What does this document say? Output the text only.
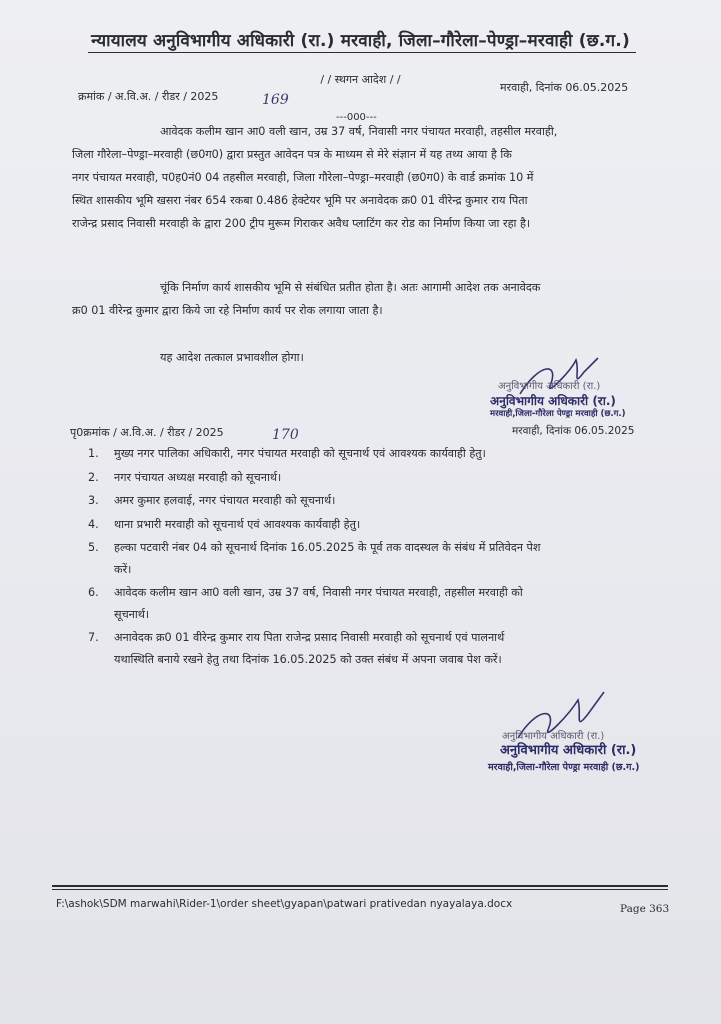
न्यायालय अनुविभागीय अधिकारी (रा.) मरवाही, जिला–गौरेला–पेण्ड्रा–मरवाही (छ.ग.)
/ / स्थगन आदेश / /
क्रमांक / अ.वि.अ. / रीडर / 2025	169
मरवाही, दिनांक 06.05.2025
---000---
आवेदक कलीम खान आ0 वली खान, उम्र 37 वर्ष, निवासी नगर पंचायत मरवाही, तहसील मरवाही,
जिला गौरेला–पेण्ड्रा–मरवाही (छ0ग0) द्वारा प्रस्तुत आवेदन पत्र के माध्यम से मेरे संज्ञान में यह तथ्य आया है कि
नगर पंचायत मरवाही, प0ह0नं0 04 तहसील मरवाही, जिला गौरेला–पेण्ड्रा–मरवाही (छ0ग0) के वार्ड क्रमांक 10 में
स्थित शासकीय भूमि खसरा नंबर 654 रकबा 0.486 हेक्टेयर भूमि पर अनावेदक क्र0 01 वीरेन्द्र कुमार राय पिता
राजेन्द्र प्रसाद निवासी मरवाही के द्वारा 200 ट्रीप मुरूम गिराकर अवैध प्लाटिंग कर रोड का निर्माण किया जा रहा है।
चूंकि निर्माण कार्य शासकीय भूमि से संबंधित प्रतीत होता है। अतः आगामी आदेश तक अनावेदक
क्र0 01 वीरेन्द्र कुमार द्वारा किये जा रहे निर्माण कार्य पर रोक लगाया जाता है।
यह आदेश तत्काल प्रभावशील होगा।
अनुविभागीय अधिकारी (रा.)
अनुविभागीय अधिकारी (रा.)
मरवाही,जिला-गौरेला पेण्ड्रा मरवाही (छ.ग.)
मरवाही, दिनांक 06.05.2025
पृ0क्रमांक / अ.वि.अ. / रीडर / 2025	170
1.	मुख्य नगर पालिका अधिकारी, नगर पंचायत मरवाही को सूचनार्थ एवं आवश्यक कार्यवाही हेतु।
2.	नगर पंचायत अध्यक्ष मरवाही को सूचनार्थ।
3.	अमर कुमार हलवाई, नगर पंचायत मरवाही को सूचनार्थ।
4.	थाना प्रभारी मरवाही को सूचनार्थ एवं आवश्यक कार्यवाही हेतु।
5.	हल्का पटवारी नंबर 04 को सूचनार्थ दिनांक 16.05.2025 के पूर्व तक वादस्थल के संबंध में प्रतिवेदन पेश
करें।
6.	आवेदक कलीम खान आ0 वली खान, उम्र 37 वर्ष, निवासी नगर पंचायत मरवाही, तहसील मरवाही को
सूचनार्थ।
7.	अनावेदक क्र0 01 वीरेन्द्र कुमार राय पिता राजेन्द्र प्रसाद निवासी मरवाही को सूचनार्थ एवं पालनार्थ
यथास्थिति बनाये रखने हेतु तथा दिनांक 16.05.2025 को उक्त संबंध में अपना जवाब पेश करें।
अनुविभागीय अधिकारी (रा.)
अनुविभागीय अधिकारी (रा.)
मरवाही,जिला-गौरेला पेण्ड्रा मरवाही (छ.ग.)
F:\ashok\SDM marwahi\Rider-1\order sheet\gyapan\patwari prativedan nyayalaya.docx	Page 363
